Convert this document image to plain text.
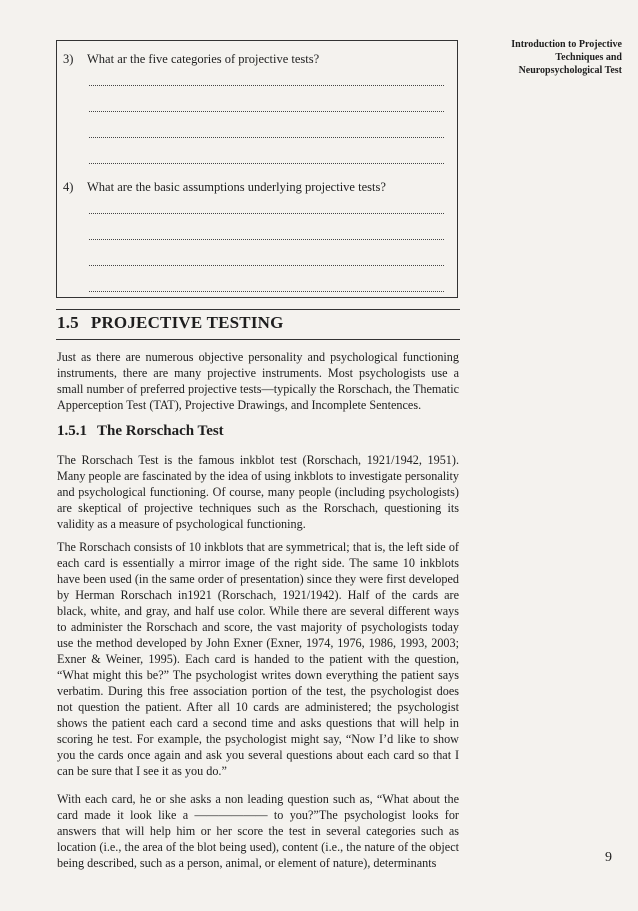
Introduction to Projective
Techniques and
Neuropsychological Test
3) What ar the five categories of projective tests?
4) What are the basic assumptions underlying projective tests?
1.5 PROJECTIVE TESTING

Just as there are numerous objective personality and psychological functioning instruments, there are many projective instruments. Most psychologists use a small number of preferred projective tests—typically the Rorschach, the Thematic Apperception Test (TAT), Projective Drawings, and Incomplete Sentences.

1.5.1 The Rorschach Test

The Rorschach Test is the famous inkblot test (Rorschach, 1921/1942, 1951). Many people are fascinated by the idea of using inkblots to investigate personality and psychological functioning. Of course, many people (including psychologists) are skeptical of projective techniques such as the Rorschach, questioning its validity as a measure of psychological functioning.

The Rorschach consists of 10 inkblots that are symmetrical; that is, the left side of each card is essentially a mirror image of the right side. The same 10 inkblots have been used (in the same order of presentation) since they were first developed by Herman Rorschach in1921 (Rorschach, 1921/1942). Half of the cards are black, white, and gray, and half use color. While there are several different ways to administer the Rorschach and score, the vast majority of psychologists today use the method developed by John Exner (Exner, 1974, 1976, 1986, 1993, 2003; Exner & Weiner, 1995). Each card is handed to the patient with the question, “What might this be?” The psychologist writes down everything the patient says verbatim. During this free association portion of the test, the psychologist does not question the patient. After all 10 cards are administered; the psychologist shows the patient each card a second time and asks questions that will help in scoring he test. For example, the psychologist might say, “Now I’d like to show you the cards once again and ask you several questions about each card so that I can be sure that I see it as you do.”

With each card, he or she asks a non leading question such as, “What about the card made it look like a —————— to you?”The psychologist looks for answers that will help him or her score the test in several categories such as location (i.e., the area of the blot being used), content (i.e., the nature of the object being described, such as a person, animal, or element of nature), determinants	9
